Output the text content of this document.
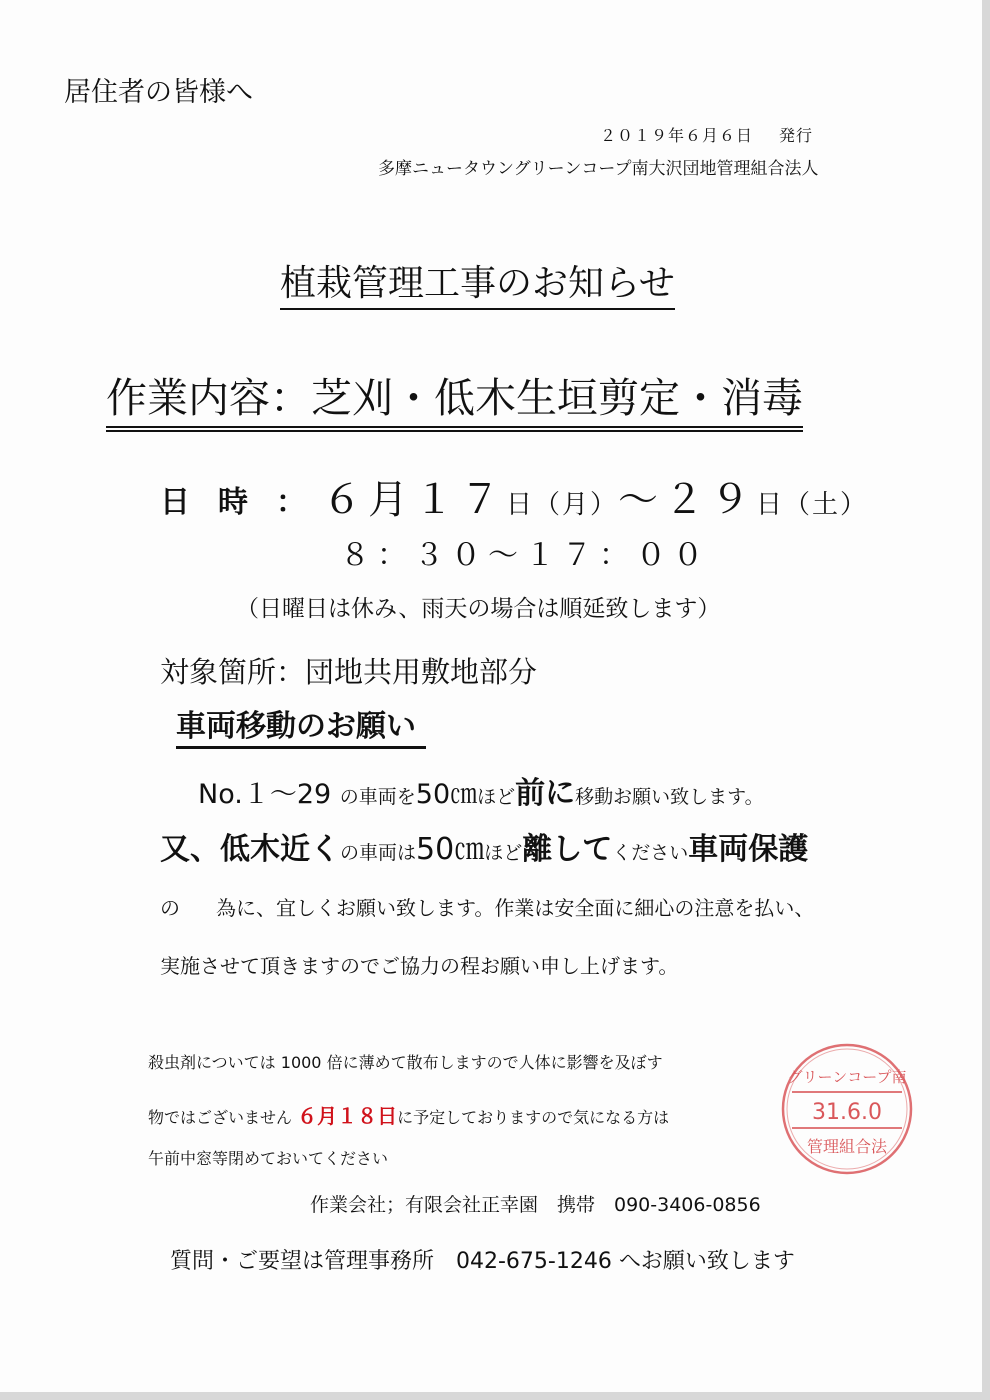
居住者の皆様へ
２０１９年６月６日 発行
多摩ニュータウングリーンコープ南大沢団地管理組合法人
植栽管理工事のお知らせ
作業内容：芝刈・低木生垣剪定・消毒
日時：
６月１７日（月）～２９日（土）
８：３０～１７：００
（日曜日は休み、雨天の場合は順延致します）
対象箇所：団地共用敷地部分
車両移動のお願い
No.１～29 の車両を50㎝ほど前に移動お願い致します。
又、低木近くの車両は50㎝ほど離してください車両保護
の 為に、宜しくお願い致します。作業は安全面に細心の注意を払い、
実施させて頂きますのでご協力の程お願い申し上げます。
殺虫剤については 1000 倍に薄めて散布しますので人体に影響を及ぼす
物ではございません ６月１８日に予定しておりますので気になる方は
午前中窓等閉めておいてください
作業会社；有限会社正幸園　携帯　090-3406-0856
質問・ご要望は管理事務所　042-675-1246 へお願い致します
グリーンコープ南
31.6.0
管理組合法
